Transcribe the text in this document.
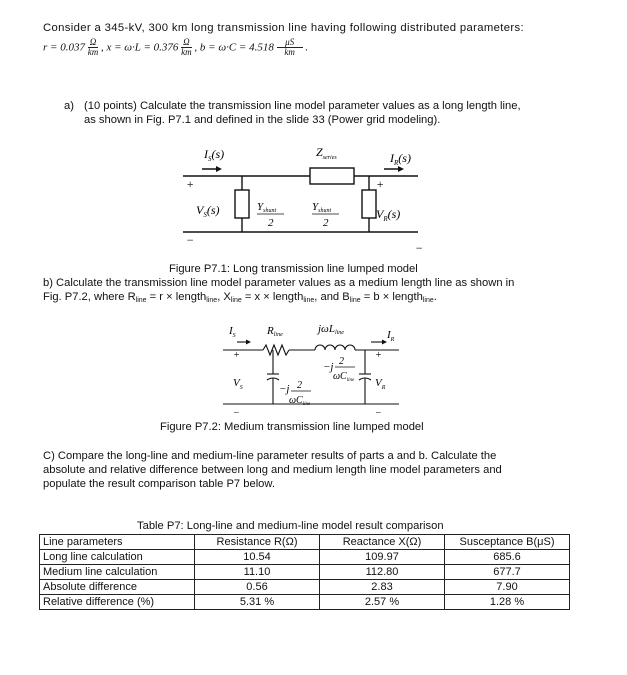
Consider a 345-kV, 300 km long transmission line having following distributed parameters:
$r = 0.037 \frac{\Omega}{km}$ , $x = \omega\cdot L = 0.376 \frac{\Omega}{km}$ , $b = \omega\cdot C = 4.518 \frac{\mu S}{km}$ .
a) (10 points) Calculate the transmission line model parameter values as a long length line,
as shown in Fig. P7.1 and defined in the slide 33 (Power grid modeling).
$I_S(s)$	$I_R(s)$
$Z_{series}$
+	+
$V_S(s)$	$V_R(s)$
Yshunt
2
Yshunt
2
−
−
Figure P7.1: Long transmission line lumped model
b) Calculate the transmission line model parameter values as a medium length line as shown in
Fig. P7.2, where $R_{line} = r$ × length$_{line}$, $X_{line} = x$ × length$_{line}$, and $B_{line} = b$ × length$_{line}$.
$I_S$	$I_R$
Rline	jωLline
+	+
$V_S$	$V_R$
−j 2
$\omega C_{line}$
−j 2
$\omega C_{line}$
−	−
Figure P7.2: Medium transmission line lumped model
C) Compare the long-line and medium-line parameter results of parts a and b. Calculate the
absolute and relative difference between long and medium length line model parameters and
populate the result comparison table P7 below.
Table P7: Long-line and medium-line model result comparison
Line parameters	Resistance R(Ω)	Reactance X(Ω)	Susceptance B(μS)
Long line calculation	10.54	109.97	685.6
Medium line calculation	11.10	112.80	677.7
Absolute difference	0.56	2.83	7.90
Relative difference (%)	5.31 %	2.57 %	1.28 %
